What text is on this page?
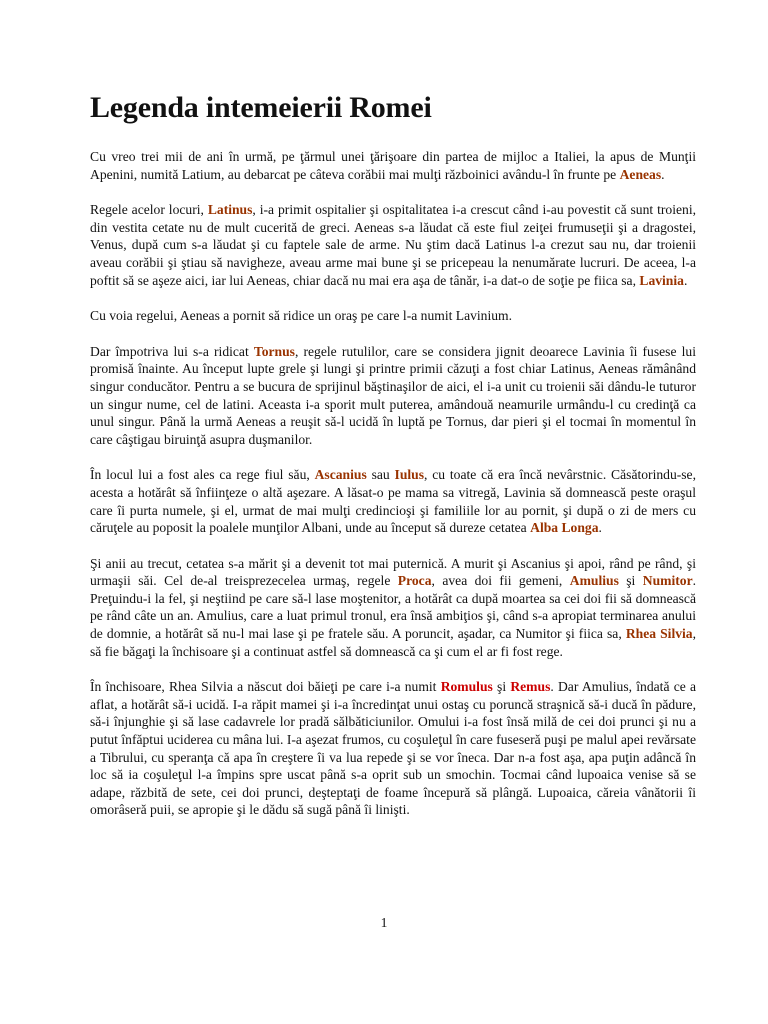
Legenda intemeierii Romei

Cu vreo trei mii de ani în urmă, pe ţărmul unei ţărişoare din partea de mijloc a Italiei, la apus de Munţii Apenini, numită Latium, au debarcat pe câteva corăbii mai mulţi războinici avându-l în frunte pe Aeneas.

Regele acelor locuri, Latinus, i-a primit ospitalier şi ospitalitatea i-a crescut când i-au povestit că sunt troieni, din vestita cetate nu de mult cucerită de greci. Aeneas s-a lăudat că este fiul zeiţei frumuseţii şi a dragostei, Venus, după cum s-a lăudat şi cu faptele sale de arme. Nu ştim dacă Latinus l-a crezut sau nu, dar troienii aveau corăbii şi ştiau să navigheze, aveau arme mai bune şi se pricepeau la nenumărate lucruri. De aceea, l-a poftit să se aşeze aici, iar lui Aeneas, chiar dacă nu mai era aşa de tânăr, i-a dat-o de soţie pe fiica sa, Lavinia.

Cu voia regelui, Aeneas a pornit să ridice un oraş pe care l-a numit Lavinium.

Dar împotriva lui s-a ridicat Tornus, regele rutulilor, care se considera jignit deoarece Lavinia îi fusese lui promisă înainte. Au început lupte grele şi lungi şi printre primii căzuţi a fost chiar Latinus, Aeneas rămânând singur conducător. Pentru a se bucura de sprijinul băştinaşilor de aici, el i-a unit cu troienii săi dându-le tuturor un singur nume, cel de latini. Aceasta i-a sporit mult puterea, amândouă neamurile urmându-l cu credinţă ca unul singur. Până la urmă Aeneas a reuşit să-l ucidă în luptă pe Tornus, dar pieri şi el tocmai în momentul în care câştigau biruinţă asupra duşmanilor.

În locul lui a fost ales ca rege fiul său, Ascanius sau Iulus, cu toate că era încă nevârstnic. Căsătorindu-se, acesta a hotărât să înfiinţeze o altă aşezare. A lăsat-o pe mama sa vitregă, Lavinia să domnească peste oraşul care îi purta numele, şi el, urmat de mai mulţi credincioşi şi familiile lor au pornit, şi după o zi de mers cu căruţele au poposit la poalele munţilor Albani, unde au început să dureze cetatea Alba Longa.

Şi anii au trecut, cetatea s-a mărit şi a devenit tot mai puternică. A murit şi Ascanius şi apoi, rând pe rând, şi urmaşii săi. Cel de-al treisprezecelea urmaş, regele Proca, avea doi fii gemeni, Amulius şi Numitor. Preţuindu-i la fel, şi neştiind pe care să-l lase moştenitor, a hotărât ca după moartea sa cei doi fii să domnească pe rând câte un an. Amulius, care a luat primul tronul, era însă ambiţios şi, când s-a apropiat terminarea anului de domnie, a hotărât să nu-l mai lase şi pe fratele său. A poruncit, aşadar, ca Numitor şi fiica sa, Rhea Silvia, să fie băgaţi la închisoare şi a continuat astfel să domnească ca şi cum el ar fi fost rege.

În închisoare, Rhea Silvia a născut doi băieţi pe care i-a numit Romulus şi Remus. Dar Amulius, îndată ce a aflat, a hotărât să-i ucidă. I-a răpit mamei şi i-a încredinţat unui ostaş cu poruncă straşnică să-i ducă în pădure, să-i înjunghie şi să lase cadavrele lor pradă sălbăticiunilor. Omului i-a fost însă milă de cei doi prunci şi nu a putut înfăptui uciderea cu mâna lui. I-a aşezat frumos, cu coşuleţul în care fuseseră puşi pe malul apei revărsate a Tibrului, cu speranţa că apa în creştere îi va lua repede şi se vor îneca. Dar n-a fost aşa, apa puţin adâncă în loc să ia coşuleţul l-a împins spre uscat până s-a oprit sub un smochin. Tocmai când lupoaica venise să se adape, răzbită de sete, cei doi prunci, deşteptaţi de foame începură să plângă. Lupoaica, căreia vânătorii îi omorâseră puii, se apropie şi le dădu să sugă până îi linişti.

1
